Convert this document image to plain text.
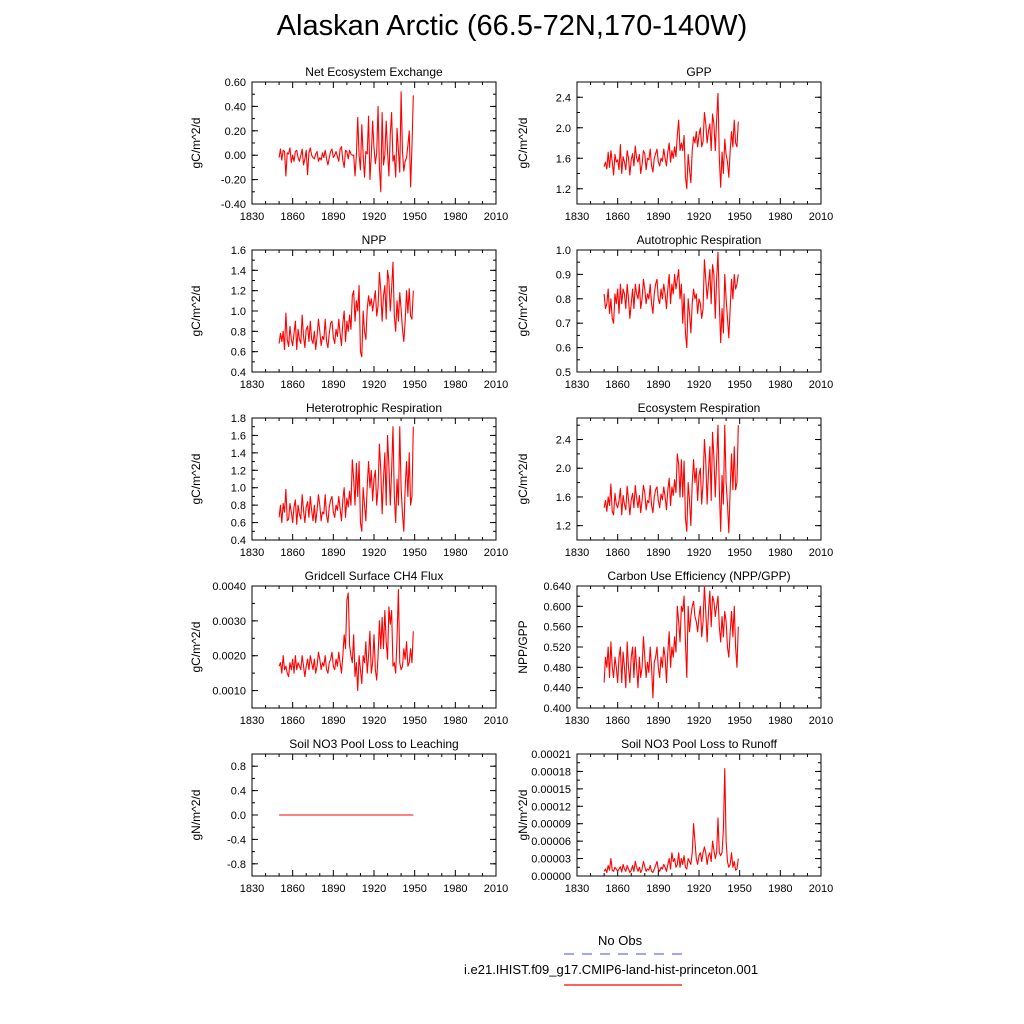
Alaskan Arctic (66.5-72N,170-140W)
Net Ecosystem Exchange
1830 1860 1890 1920 1950 1980 2010
-0.40
-0.20
0.00
0.20
0.40
0.60
gC/m^2/d
GPP
1830 1860 1890 1920 1950 1980 2010
1.2
1.6
2.0
2.4
gC/m^2/d
NPP
1830 1860 1890 1920 1950 1980 2010
0.4
0.6
0.8
1.0
1.2
1.4
1.6
gC/m^2/d
Autotrophic Respiration
1830 1860 1890 1920 1950 1980 2010
0.5
0.6
0.7
0.8
0.9
1.0
gC/m^2/d
Heterotrophic Respiration
1830 1860 1890 1920 1950 1980 2010
0.4
0.6
0.8
1.0
1.2
1.4
1.6
1.8
gC/m^2/d
Ecosystem Respiration
1830 1860 1890 1920 1950 1980 2010
1.2
1.6
2.0
2.4
gC/m^2/d
Gridcell Surface CH4 Flux
1830 1860 1890 1920 1950 1980 2010
0.0010
0.0020
0.0030
0.0040
gC/m^2/d
Carbon Use Efficiency (NPP/GPP)
1830 1860 1890 1920 1950 1980 2010
0.400
0.440
0.480
0.520
0.560
0.600
0.640
NPP/GPP
Soil NO3 Pool Loss to Leaching
1830 1860 1890 1920 1950 1980 2010
-0.8
-0.4
0.0
0.4
0.8
gN/m^2/d
Soil NO3 Pool Loss to Runoff
1830 1860 1890 1920 1950 1980 2010
0.00000
0.00003
0.00006
0.00009
0.00012
0.00015
0.00018
0.00021
gN/m^2/d
No Obs
i.e21.IHIST.f09_g17.CMIP6-land-hist-princeton.001
